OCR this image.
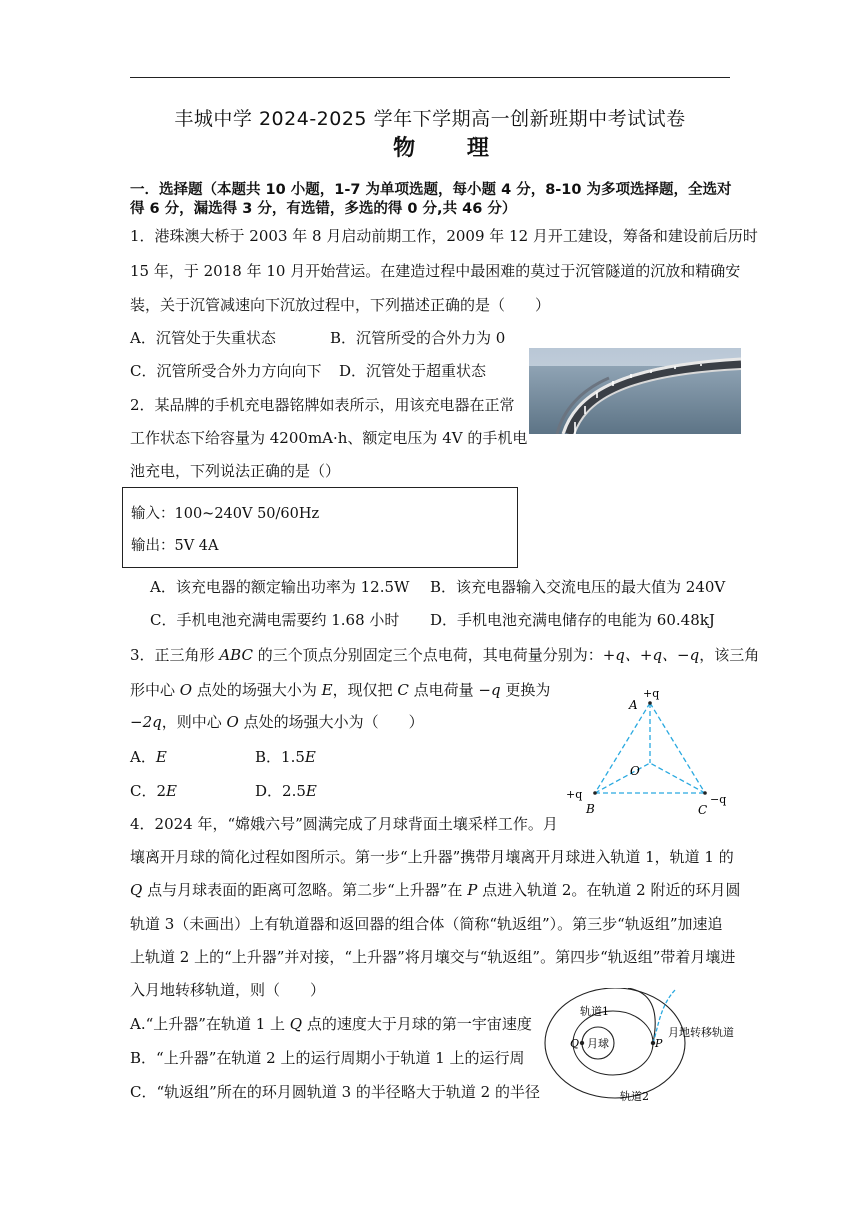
丰城中学 2024-2025 学年下学期高一创新班期中考试试卷
物 理
一．选择题（本题共 10 小题，1-7 为单项选题，每小题 4 分，8-10 为多项选择题，全选对
得 6 分，漏选得 3 分，有选错，多选的得 0 分,共 46 分）
1．港珠澳大桥于 2003 年 8 月启动前期工作，2009 年 12 月开工建设，筹备和建设前后历时
15 年，于 2018 年 10 月开始营运。在建造过程中最困难的莫过于沉管隧道的沉放和精确安
装，关于沉管减速向下沉放过程中，下列描述正确的是（　　）
A．沉管处于失重状态	B．沉管所受的合外力为 0
C．沉管所受合外力方向向下 D．沉管处于超重状态
2．某品牌的手机充电器铭牌如表所示，用该充电器在正常
工作状态下给容量为 4200mA·h、额定电压为 4V 的手机电
池充电，下列说法正确的是（）
输入：100~240V 50/60Hz
输出：5V 4A
A．该充电器的额定输出功率为 12.5W B．该充电器输入交流电压的最大值为 240V
C．手机电池充满电需要约 1.68 小时 D．手机电池充满电储存的电能为 60.48kJ
3．正三角形 ABC 的三个顶点分别固定三个点电荷，其电荷量分别为：+q、+q、−q，该三角
形中心 O 点处的场强大小为 E，现仅把 C 点电荷量 −q 更换为
−2q，则中心 O 点处的场强大小为（　　）
A．E	B．1.5E
C．2E	D．2.5E
+q
A
O
+q
B
−q
C
4．2024 年，“嫦娥六号”圆满完成了月球背面土壤采样工作。月
壤离开月球的简化过程如图所示。第一步“上升器”携带月壤离开月球进入轨道 1，轨道 1 的
Q 点与月球表面的距离可忽略。第二步“上升器”在 P 点进入轨道 2。在轨道 2 附近的环月圆
轨道 3（未画出）上有轨道器和返回器的组合体（简称“轨返组”）。第三步“轨返组”加速追
上轨道 2 上的“上升器”并对接，“上升器”将月壤交与“轨返组”。第四步“轨返组”带着月壤进
入月地转移轨道，则（　　）
A.“上升器”在轨道 1 上 Q 点的速度大于月球的第一宇宙速度
B．“上升器”在轨道 2 上的运行周期小于轨道 1 上的运行周
C．“轨返组”所在的环月圆轨道 3 的半径略大于轨道 2 的半径
月球
Q	P
轨道1
轨道2
月地转移轨道
